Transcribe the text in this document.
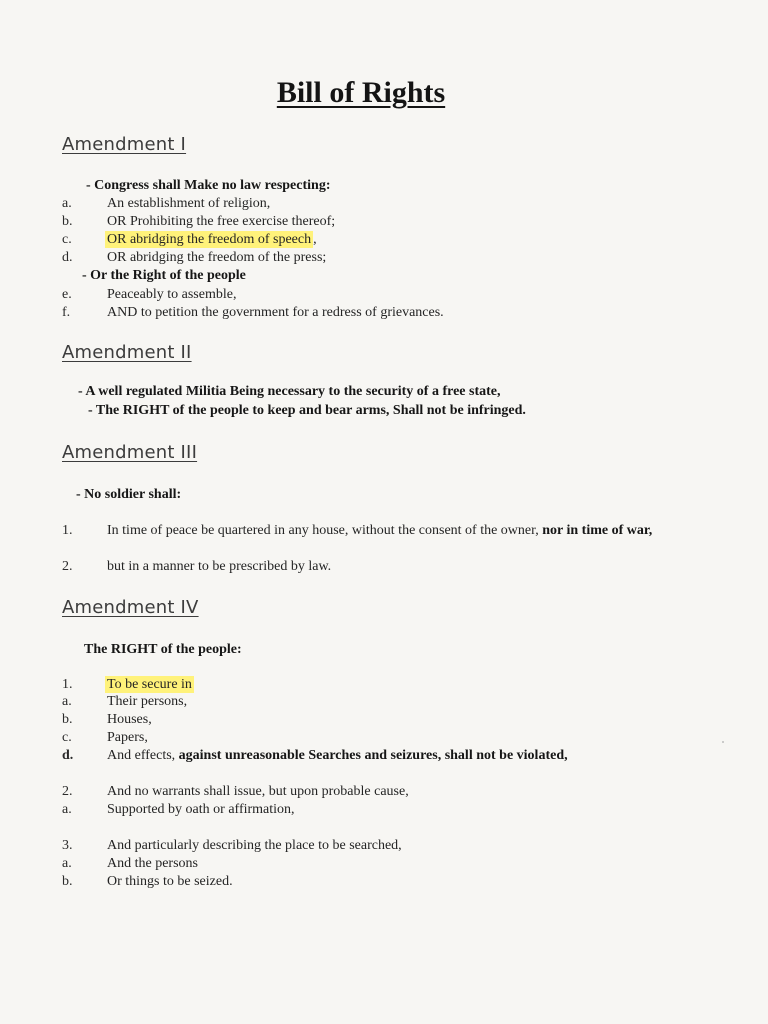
Bill of Rights
Amendment I
- Congress shall Make no law respecting:
a.	An establishment of religion,
b. OR Prohibiting the free exercise thereof;
c.	OR abridging the freedom of speech ,
d. OR abridging the freedom of the press;
- Or the Right of the people
e.	Peaceably to assemble,
f.	AND to petition the government for a redress of grievances.
Amendment II
- A well regulated Militia Being necessary to the security of a free state,
- The RIGHT of the people to keep and bear arms, Shall not be infringed.
Amendment III
- No soldier shall:
1. In time of peace be quartered in any house, without the consent of the owner, nor in time of war,
2. but in a manner to be prescribed by law.
Amendment IV
The RIGHT of the people:
1. To be secure in
a.	Their persons,
b. Houses,
c.	Papers,
d. And effects, against unreasonable Searches and seizures, shall not be violated,
2. And no warrants shall issue, but upon probable cause,
a.	Supported by oath or affirmation,
3. And particularly describing the place to be searched,
a.	And the persons
b. Or things to be seized.
